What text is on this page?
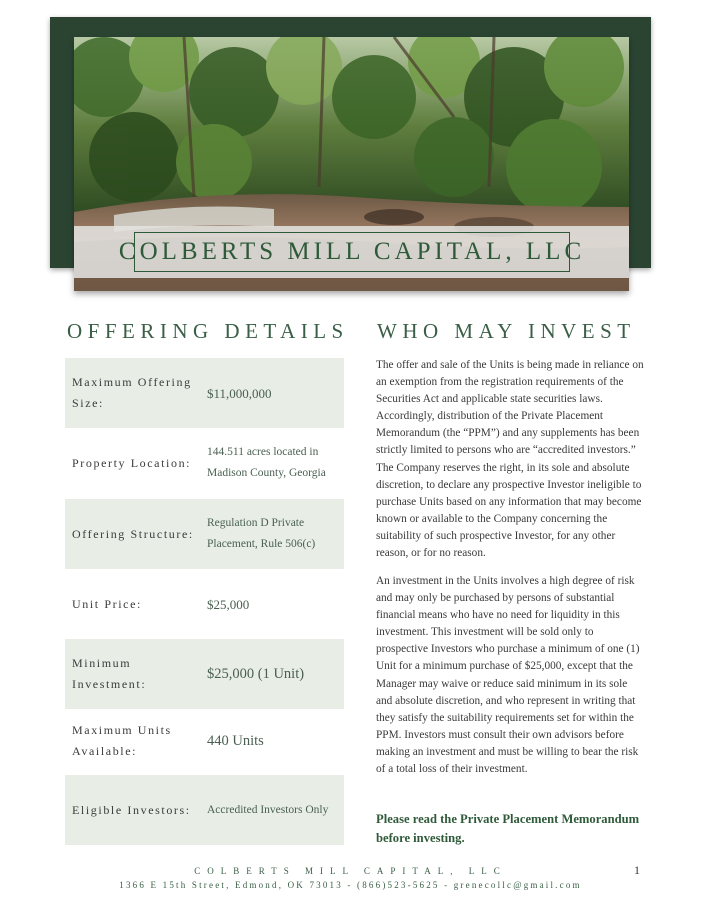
COLBERTS MILL CAPITAL, LLC
OFFERING DETAILS WHO MAY INVEST
Maximum Offering Size:
$11,000,000
Property Location:
144.511 acres located in Madison County, Georgia
Offering Structure:
Regulation D Private Placement, Rule 506(c)
Unit Price:	$25,000
Minimum Investment:
$25,000 (1 Unit)
Maximum Units Available:
440 Units
Eligible Investors:	Accredited Investors Only
The offer and sale of the Units is being made in reliance on an exemption from the registration requirements of the Securities Act and applicable state securities laws. Accordingly, distribution of the Private Placement Memorandum (the “PPM”) and any supplements has been strictly limited to persons who are “accredited investors.” The Company reserves the right, in its sole and absolute discretion, to declare any prospective Investor ineligible to purchase Units based on any information that may become known or available to the Company concerning the suitability of such prospective Investor, for any other reason, or for no reason.
An investment in the Units involves a high degree of risk and may only be purchased by persons of substantial financial means who have no need for liquidity in this investment. This investment will be sold only to prospective Investors who purchase a minimum of one (1) Unit for a minimum purchase of $25,000, except that the Manager may waive or reduce said minimum in its sole and absolute discretion, and who represent in writing that they satisfy the suitability requirements set for within the PPM. Investors must consult their own advisors before making an investment and must be willing to bear the risk of a total loss of their investment.
Please read the Private Placement Memorandum before investing.
COLBERTS MILL CAPITAL, LLC
1366 E 15th Street, Edmond, OK 73013 - (866)523-5625 - grenecollc@gmail.com
1
